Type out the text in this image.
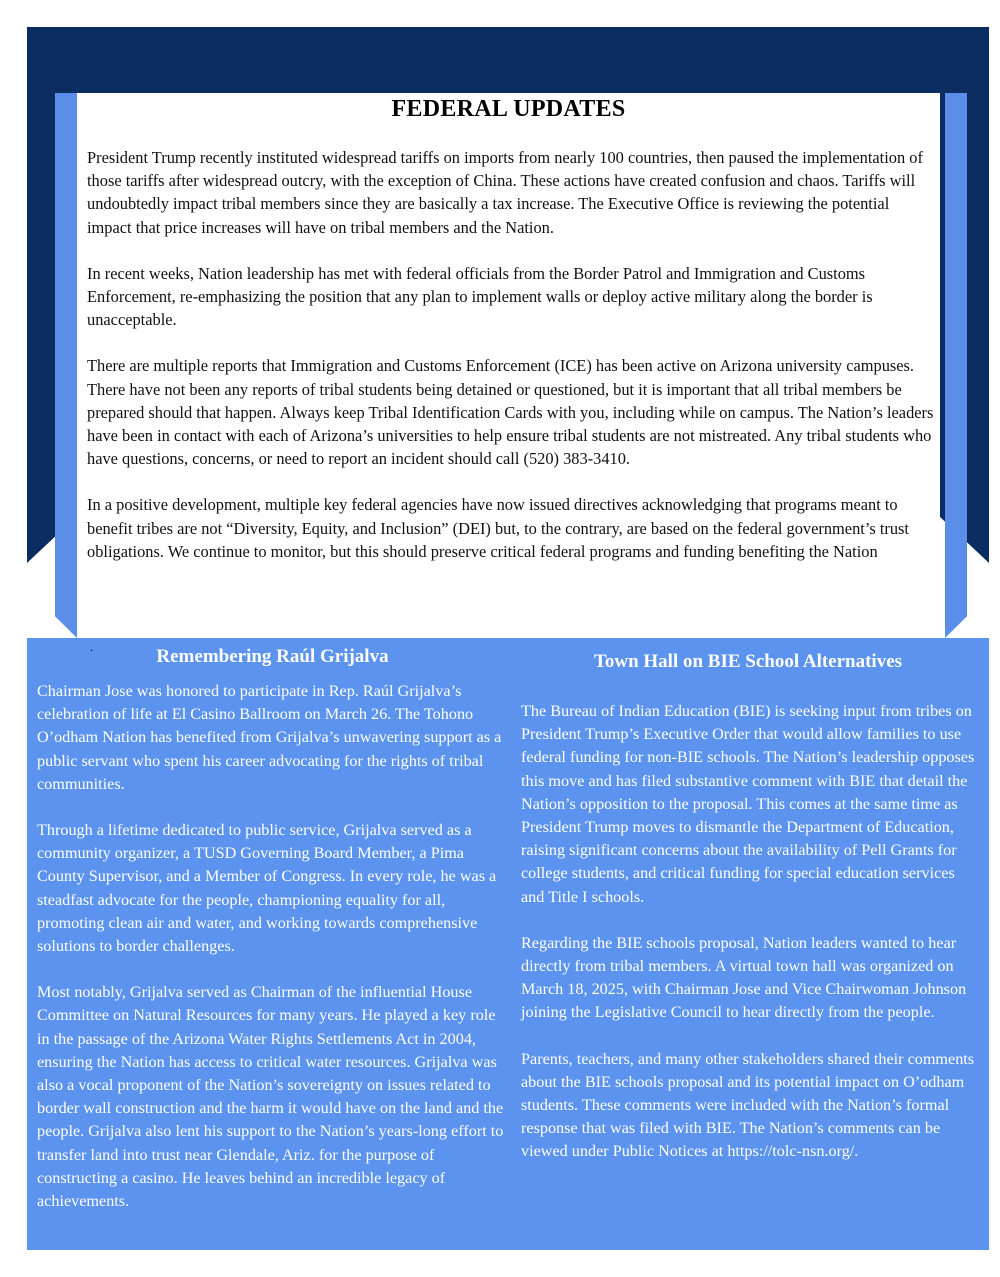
FEDERAL UPDATES

President Trump recently instituted widespread tariffs on imports from nearly 100 countries, then paused the implementation of those tariffs after widespread outcry, with the exception of China. These actions have created confusion and chaos. Tariffs will undoubtedly impact tribal members since they are basically a tax increase. The Executive Office is reviewing the potential impact that price increases will have on tribal members and the Nation.

In recent weeks, Nation leadership has met with federal officials from the Border Patrol and Immigration and Customs Enforcement, re-emphasizing the position that any plan to implement walls or deploy active military along the border is unacceptable.

There are multiple reports that Immigration and Customs Enforcement (ICE) has been active on Arizona university campuses. There have not been any reports of tribal students being detained or questioned, but it is important that all tribal members be prepared should that happen. Always keep Tribal Identification Cards with you, including while on campus. The Nation’s leaders have been in contact with each of Arizona’s universities to help ensure tribal students are not mistreated. Any tribal students who have questions, concerns, or need to report an incident should call (520) 383-3410.

In a positive development, multiple key federal agencies have now issued directives acknowledging that programs meant to benefit tribes are not “Diversity, Equity, and Inclusion” (DEI) but, to the contrary, are based on the federal government’s trust obligations. We continue to monitor, but this should preserve critical federal programs and funding benefiting the Nation

.	Remembering Raúl Grijalva

Chairman Jose was honored to participate in Rep. Raúl Grijalva’s celebration of life at El Casino Ballroom on March 26. The Tohono O’odham Nation has benefited from Grijalva’s unwavering support as a public servant who spent his career advocating for the rights of tribal communities.

Through a lifetime dedicated to public service, Grijalva served as a community organizer, a TUSD Governing Board Member, a Pima County Supervisor, and a Member of Congress. In every role, he was a steadfast advocate for the people, championing equality for all, promoting clean air and water, and working towards comprehensive solutions to border challenges.

Most notably, Grijalva served as Chairman of the influential House Committee on Natural Resources for many years. He played a key role in the passage of the Arizona Water Rights Settlements Act in 2004, ensuring the Nation has access to critical water resources. Grijalva was also a vocal proponent of the Nation’s sovereignty on issues related to border wall construction and the harm it would have on the land and the people. Grijalva also lent his support to the Nation’s years-long effort to transfer land into trust near Glendale, Ariz. for the purpose of constructing a casino. He leaves behind an incredible legacy of achievements.

Town Hall on BIE School Alternatives

The Bureau of Indian Education (BIE) is seeking input from tribes on President Trump’s Executive Order that would allow families to use federal funding for non-BIE schools. The Nation’s leadership opposes this move and has filed substantive comment with BIE that detail the Nation’s opposition to the proposal. This comes at the same time as President Trump moves to dismantle the Department of Education, raising significant concerns about the availability of Pell Grants for college students, and critical funding for special education services and Title I schools.

Regarding the BIE schools proposal, Nation leaders wanted to hear directly from tribal members. A virtual town hall was organized on March 18, 2025, with Chairman Jose and Vice Chairwoman Johnson joining the Legislative Council to hear directly from the people.

Parents, teachers, and many other stakeholders shared their comments about the BIE schools proposal and its potential impact on O’odham students. These comments were included with the Nation’s formal response that was filed with BIE. The Nation’s comments can be viewed under Public Notices at https://tolc-nsn.org/.
